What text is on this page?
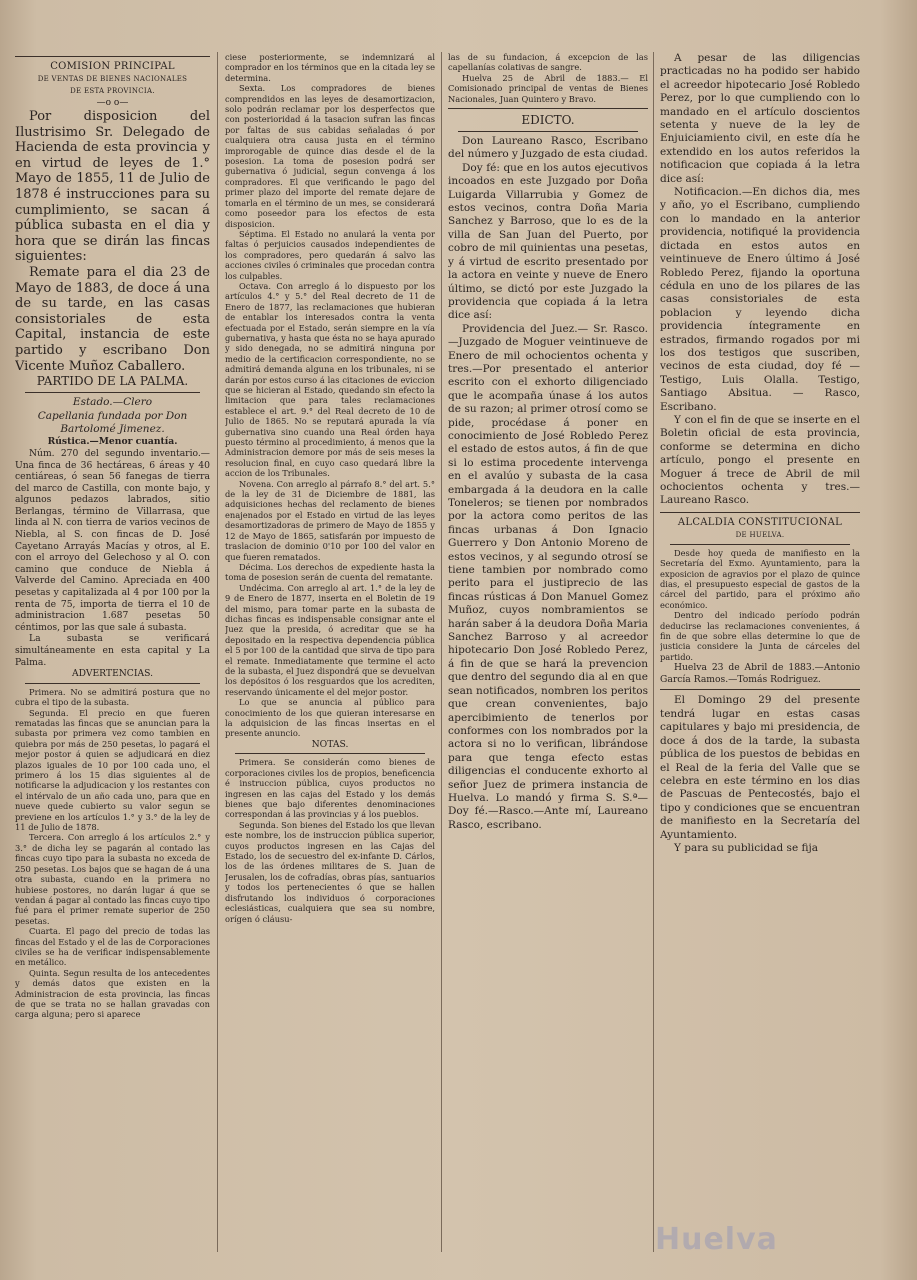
COMISION PRINCIPAL
DE VENTAS DE BIENES NACIONALES
DE ESTA PROVINCIA.
—o o—

Por disposicion del Ilustrisimo Sr. Delegado de Hacienda de esta provincia y en virtud de leyes de 1.° Mayo de 1855, 11 de Julio de 1878 é instrucciones para su cumplimiento, se sacan á pública subasta en el dia y hora que se dirán las fincas siguientes:

Remate para el dia 23 de Mayo de 1883, de doce á una de su tarde, en las casas consistoriales de esta Capital, instancia de este partido y escribano Don Vicente Muñoz Caballero.

PARTIDO DE LA PALMA.
Estado.—Clero
Capellania fundada por Don Bartolomé Jimenez.
Rústica.—Menor cuantía.

Núm. 270 del segundo inventario.—Una finca de 36 hectáreas, 6 áreas y 40 centiáreas, ó sean 56 fanegas de tierra del marco de Castilla, con monte bajo, y algunos pedazos labrados, sitio Berlangas, término de Villarrasa, que linda al N. con tierra de varios vecinos de Niebla, al S. con fincas de D. José Cayetano Arrayás Macías y otros, al E. con el arroyo del Gelechoso y al O. con camino que conduce de Niebla á Valverde del Camino. Apreciada en 400 pesetas y capitalizada al 4 por 100 por la renta de 75, importa de tierra el 10 de administracion 1.687 pesetas 50 céntimos, por las que sale á subasta.

La subasta se verificará simultáneamente en esta capital y La Palma.

ADVERTENCIAS.

Primera. No se admitirá postura que no cubra el tipo de la subasta.

Segunda. El precio en que fueren rematadas las fincas que se anuncian para la subasta por primera vez como tambien en quiebra por más de 250 pesetas, lo pagará el mejor postor á quien se adjudicará en diez plazos iguales de 10 por 100 cada uno, el primero á los 15 dias siguientes al de notificarse la adjudicacion y los restantes con el intérvalo de un año cada uno, para que en nueve quede cubierto su valor segun se previene en los artículos 1.° y 3.° de la ley de 11 de Julio de 1878.

Tercera. Con arreglo á los artículos 2.° y 3.° de dicha ley se pagarán al contado las fincas cuyo tipo para la subasta no exceda de 250 pesetas. Los bajos que se hagan de á una otra subasta, cuando en la primera no hubiese postores, no darán lugar á que se vendan á pagar al contado las fincas cuyo tipo fué para el primer remate superior de 250 pesetas.

Cuarta. El pago del precio de todas las fincas del Estado y el de las de Corporaciones civiles se ha de verificar indispensablemente en metálico.

Quinta. Segun resulta de los antecedentes y demás datos que existen en la Administracion de esta provincia, las fincas de que se trata no se hallan gravadas con carga alguna; pero si aparece

ciese posteriormente, se indemnizará al comprador en los términos que en la citada ley se determina.

Sexta. Los compradores de bienes comprendidos en las leyes de desamortizacion, solo podrán reclamar por los desperfectos que con posterioridad á la tasacion sufran las fincas por faltas de sus cabidas señaladas ó por cualquiera otra causa justa en el término improrogable de quince dias desde el de la posesion. La toma de posesion podrá ser gubernativa ó judicial, segun convenga á los compradores. El que verificando le pago del primer plazo del importe del remate dejare de tomarla en el término de un mes, se considerará como poseedor para los efectos de esta disposicion.

Séptima. El Estado no anulará la venta por faltas ó perjuicios causados independientes de los compradores, pero quedarán á salvo las acciones civiles ó criminales que procedan contra los culpables.

Octava. Con arreglo á lo dispuesto por los artículos 4.° y 5.° del Real decreto de 11 de Enero de 1877, las reclamaciones que hubieran de entablar los interesados contra la venta efectuada por el Estado, serán siempre en la vía gubernativa, y hasta que ésta no se haya apurado y sido denegada, no se admitirá ninguna por medio de la certificacion correspondiente, no se admitirá demanda alguna en los tribunales, ni se darán por estos curso á las citaciones de eviccion que se hicieran al Estado, quedando sin efecto la limitacion que para tales reclamaciones establece el art. 9.° del Real decreto de 10 de Julio de 1865. No se reputará apurada la vía gubernativa sino cuando una Real órden haya puesto término al procedimiento, á menos que la Administracion demore por más de seis meses la resolucion final, en cuyo caso quedará libre la accion de los Tribunales.

Novena. Con arreglo al párrafo 8.° del art. 5.° de la ley de 31 de Diciembre de 1881, las adquisiciones hechas del reclamento de bienes enajenados por el Estado en virtud de las leyes desamortizadoras de primero de Mayo de 1855 y 12 de Mayo de 1865, satisfarán por impuesto de traslacion de dominio 0'10 por 100 del valor en que fueren rematados.

Décima. Los derechos de expediente hasta la toma de posesion serán de cuenta del rematante.

Undécima. Con arreglo al art. 1.° de la ley de 9 de Enero de 1877, inserta en el Boletin de 19 del mismo, para tomar parte en la subasta de dichas fincas es indispensable consignar ante el Juez que la presida, ó acreditar que se ha depositado en la respectiva dependencia pública el 5 por 100 de la cantidad que sirva de tipo para el remate. Inmediatamente que termine el acto de la subasta, el Juez dispondrá que se devuelvan los depósitos ó los resguardos que los acrediten, reservando únicamente el del mejor postor.

Lo que se anuncia al público para conocimiento de los que quieran interesarse en la adquisicion de las fincas insertas en el presente anuncio.

NOTAS.

Primera. Se considerán como bienes de corporaciones civiles los de propios, beneficencia é instruccion pública, cuyos productos no ingresen en las cajas del Estado y los demás bienes que bajo diferentes denominaciones correspondan á las provincias y á los pueblos.

Segunda. Son bienes del Estado los que llevan este nombre, los de instruccion pública superior, cuyos productos ingresen en las Cajas del Estado, los de secuestro del ex-infante D. Cárlos, los de las órdenes militares de S. Juan de Jerusalen, los de cofradías, obras pías, santuarios y todos los pertenecientes ó que se hallen disfrutando los individuos ó corporaciones eclesiásticas, cualquiera que sea su nombre, orígen ó cláusu-

las de su fundacion, á excepcion de las capellanías colativas de sangre.

Huelva 25 de Abril de 1883.— El Comisionado principal de ventas de Bienes Nacionales, Juan Quintero y Bravo.

EDICTO.

Don Laureano Rasco, Escribano del número y Juzgado de esta ciudad.

Doy fé: que en los autos ejecutivos incoados en este Juzgado por Doña Luigarda Villarrubia y Gomez de estos vecinos, contra Doña Maria Sanchez y Barroso, que lo es de la villa de San Juan del Puerto, por cobro de mil quinientas una pesetas, y á virtud de escrito presentado por la actora en veinte y nueve de Enero último, se dictó por este Juzgado la providencia que copiada á la letra dice así:

Providencia del Juez.— Sr. Rasco.—Juzgado de Moguer veintinueve de Enero de mil ochocientos ochenta y tres.—Por presentado el anterior escrito con el exhorto diligenciado que le acompaña únase á los autos de su razon; al primer otrosí como se pide, procédase á poner en conocimiento de José Robledo Perez el estado de estos autos, á fin de que si lo estima procedente intervenga en el avalúo y subasta de la casa embargada á la deudora en la calle Toneleros; se tienen por nombrados por la actora como peritos de las fincas urbanas á Don Ignacio Guerrero y Don Antonio Moreno de estos vecinos, y al segundo otrosí se tiene tambien por nombrado como perito para el justiprecio de las fincas rústicas á Don Manuel Gomez Muñoz, cuyos nombramientos se harán saber á la deudora Doña Maria Sanchez Barroso y al acreedor hipotecario Don José Robledo Perez, á fin de que se hará la prevencion que dentro del segundo dia al en que sean notificados, nombren los peritos que crean convenientes, bajo apercibimiento de tenerlos por conformes con los nombrados por la actora si no lo verifican, librándose para que tenga efecto estas diligencias el conducente exhorto al señor Juez de primera instancia de Huelva. Lo mandó y firma S. S.ª—Doy fé.—Rasco.—Ante mí, Laureano Rasco, escribano.

A pesar de las diligencias practicadas no ha podido ser habido el acreedor hipotecario José Robledo Perez, por lo que cumpliendo con lo mandado en el artículo doscientos setenta y nueve de la ley de Enjuiciamiento civil, en este día he extendido en los autos referidos la notificacion que copiada á la letra dice así:

Notificacion.—En dichos dia, mes y año, yo el Escribano, cumpliendo con lo mandado en la anterior providencia, notifiqué la providencia dictada en estos autos en veintinueve de Enero último á José Robledo Perez, fijando la oportuna cédula en uno de los pilares de las casas consistoriales de esta poblacion y leyendo dicha providencia íntegramente en estrados, firmando rogados por mi los dos testigos que suscriben, vecinos de esta ciudad, doy fé — Testigo, Luis Olalla. Testigo, Santiago Absitua. — Rasco, Escribano.

Y con el fin de que se inserte en el Boletin oficial de esta provincia, conforme se determina en dicho artículo, pongo el presente en Moguer á trece de Abril de mil ochocientos ochenta y tres.— Laureano Rasco.

ALCALDIA CONSTITUCIONAL
DE HUELVA.

Desde hoy queda de manifiesto en la Secretaría del Exmo. Ayuntamiento, para la exposicion de agravios por el plazo de quince dias, el presupuesto especial de gastos de la cárcel del partido, para el próximo año económico.

Dentro del indicado período podrán deducirse las reclamaciones convenientes, á fin de que sobre ellas determine lo que de justicia considere la Junta de cárceles del partido.

Huelva 23 de Abril de 1883.—Antonio García Ramos.—Tomás Rodriguez.

El Domingo 29 del presente tendrá lugar en estas casas capitulares y bajo mi presidencia, de doce á dos de la tarde, la subasta pública de los puestos de bebidas en el Real de la feria del Valle que se celebra en este término en los dias de Pascuas de Pentecostés, bajo el tipo y condiciones que se encuentran de manifiesto en la Secretaría del Ayuntamiento.

Y para su publicidad se fija

Huelva
